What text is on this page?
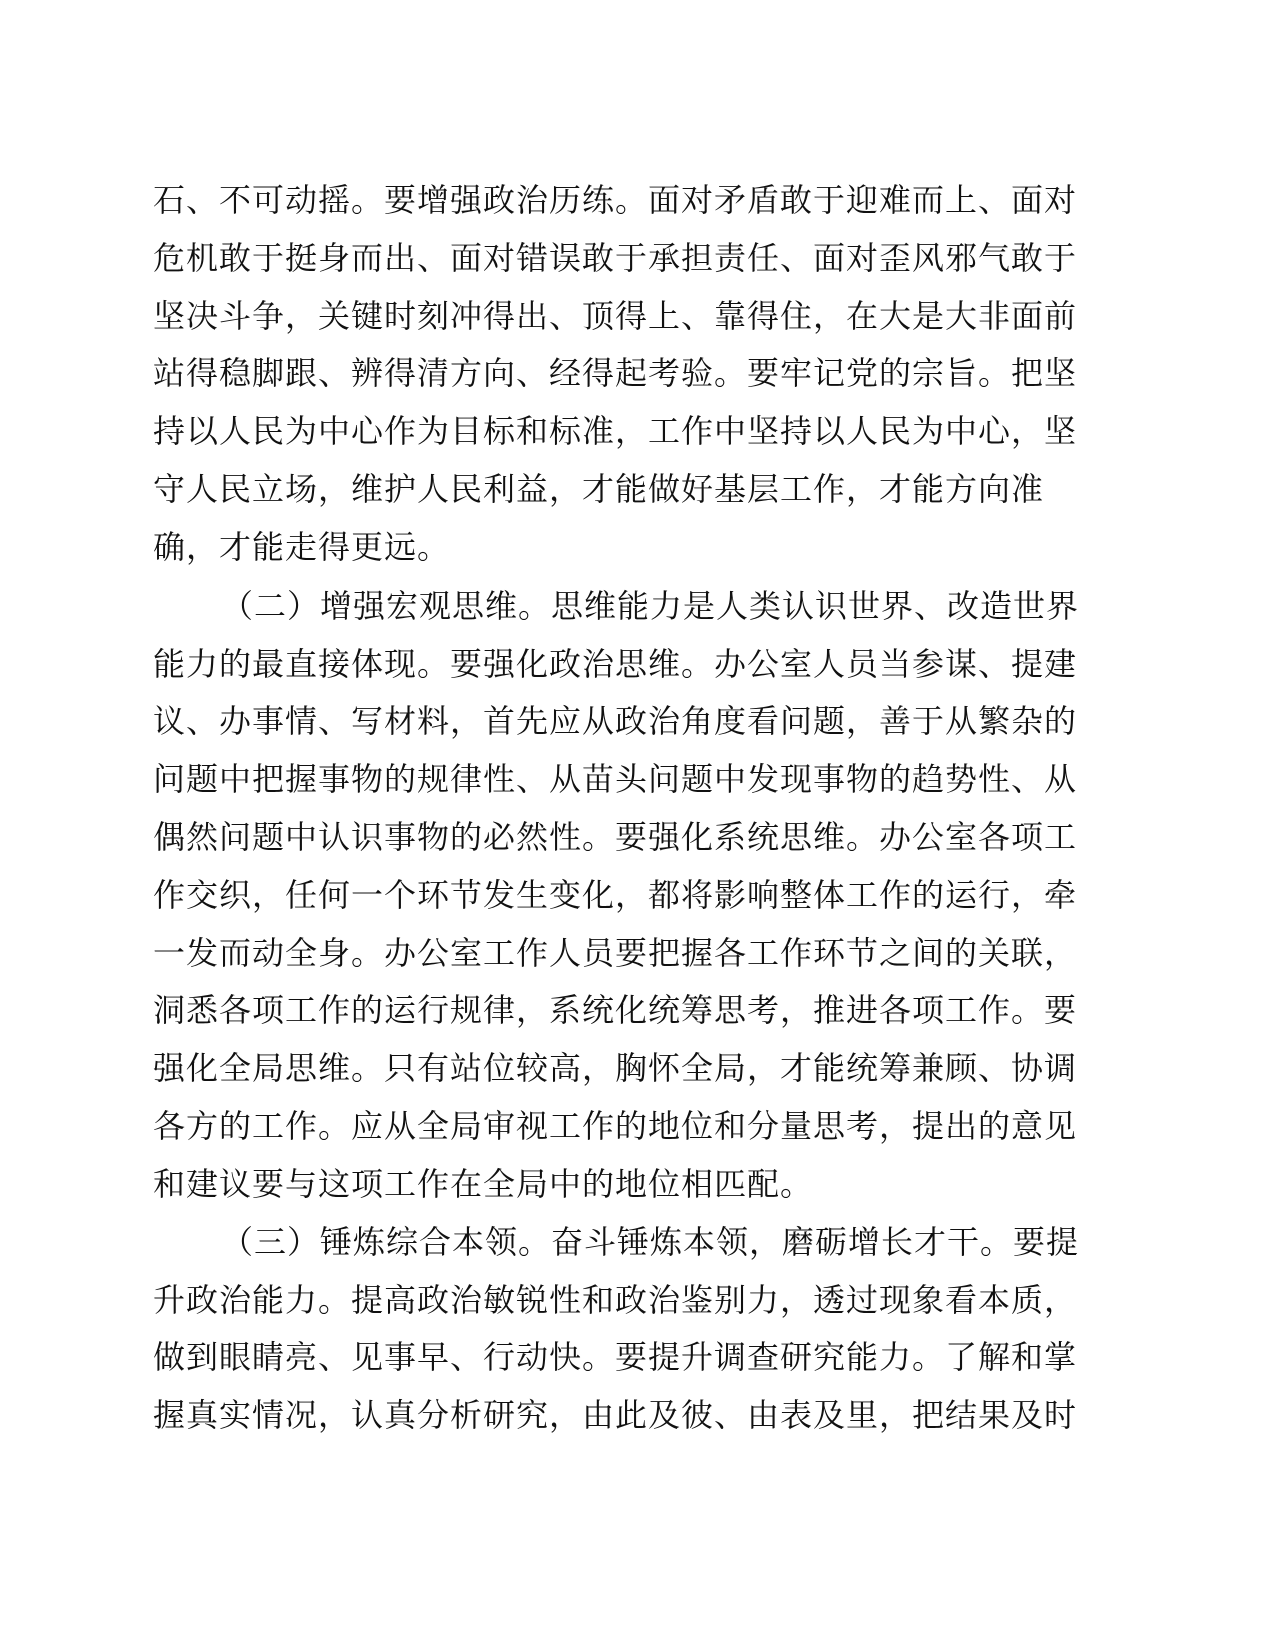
石、不可动摇。要增强政治历练。面对矛盾敢于迎难而上、面对
危机敢于挺身而出、面对错误敢于承担责任、面对歪风邪气敢于
坚决斗争，关键时刻冲得出、顶得上、靠得住，在大是大非面前
站得稳脚跟、辨得清方向、经得起考验。要牢记党的宗旨。把坚
持以人民为中心作为目标和标准，工作中坚持以人民为中心，坚
守人民立场，维护人民利益，才能做好基层工作，才能方向准
确，才能走得更远。
（二）增强宏观思维。思维能力是人类认识世界、改造世界
能力的最直接体现。要强化政治思维。办公室人员当参谋、提建
议、办事情、写材料，首先应从政治角度看问题，善于从繁杂的
问题中把握事物的规律性、从苗头问题中发现事物的趋势性、从
偶然问题中认识事物的必然性。要强化系统思维。办公室各项工
作交织，任何一个环节发生变化，都将影响整体工作的运行，牵
一发而动全身。办公室工作人员要把握各工作环节之间的关联，
洞悉各项工作的运行规律，系统化统筹思考，推进各项工作。要
强化全局思维。只有站位较高，胸怀全局，才能统筹兼顾、协调
各方的工作。应从全局审视工作的地位和分量思考，提出的意见
和建议要与这项工作在全局中的地位相匹配。
（三）锤炼综合本领。奋斗锤炼本领，磨砺增长才干。要提
升政治能力。提高政治敏锐性和政治鉴别力，透过现象看本质，
做到眼睛亮、见事早、行动快。要提升调查研究能力。了解和掌
握真实情况，认真分析研究，由此及彼、由表及里，把结果及时
